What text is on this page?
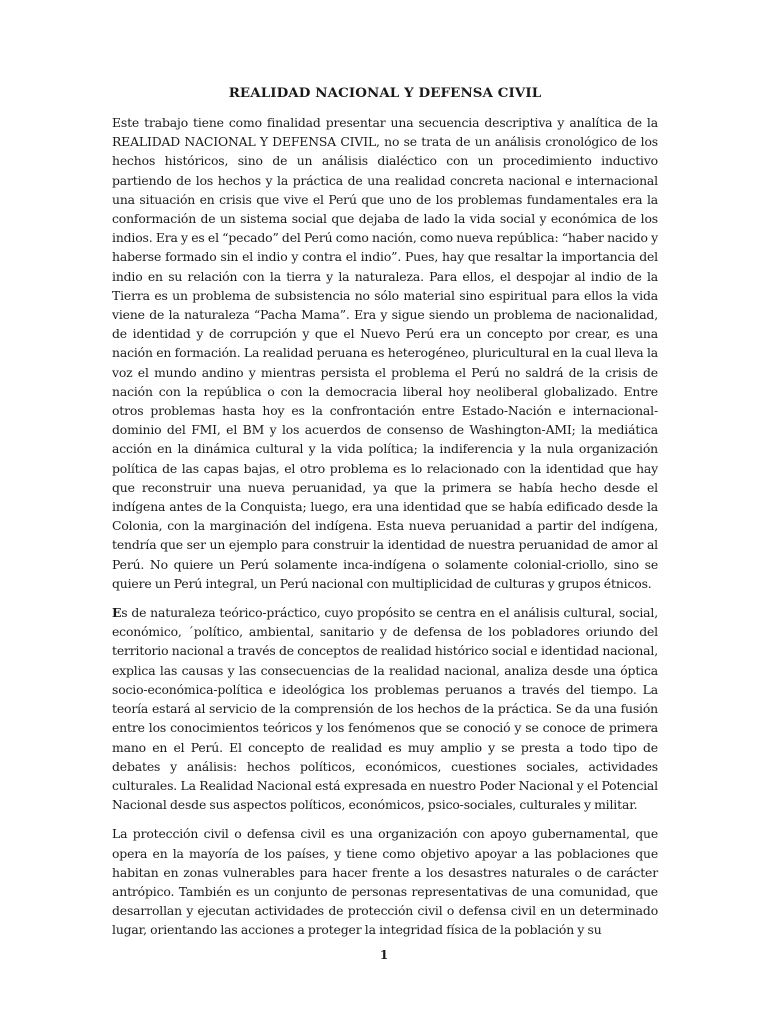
REALIDAD NACIONAL Y DEFENSA CIVIL

Este trabajo tiene como finalidad presentar una secuencia descriptiva y analítica de la REALIDAD NACIONAL Y DEFENSA CIVIL, no se trata de un análisis cronológico de los hechos históricos, sino de un análisis dialéctico con un procedimiento inductivo partiendo de los hechos y la práctica de una realidad concreta nacional e internacional una situación en crisis que vive el Perú que uno de los problemas fundamentales era la conformación de un sistema social que dejaba de lado la vida social y económica de los indios. Era y es el “pecado” del Perú como nación, como nueva república: “haber nacido y haberse formado sin el indio y contra el indio”. Pues, hay que resaltar la importancia del indio en su relación con la tierra y la naturaleza. Para ellos, el despojar al indio de la Tierra es un problema de subsistencia no sólo material sino espiritual para ellos la vida viene de la naturaleza “Pacha Mama”. Era y sigue siendo un problema de nacionalidad, de identidad y de corrupción y que el Nuevo Perú era un concepto por crear, es una nación en formación. La realidad peruana es heterogéneo, pluricultural en la cual lleva la voz el mundo andino y mientras persista el problema el Perú no saldrá de la crisis de nación con la república o con la democracia liberal hoy neoliberal globalizado. Entre otros problemas hasta hoy es la confrontación entre Estado-Nación e internacional-dominio del FMI, el BM y los acuerdos de consenso de Washington-AMI; la mediática acción en la dinámica cultural y la vida política; la indiferencia y la nula organización política de las capas bajas, el otro problema es lo relacionado con la identidad que hay que reconstruir una nueva peruanidad, ya que la primera se había hecho desde el indígena antes de la Conquista; luego, era una identidad que se había edificado desde la Colonia, con la marginación del indígena. Esta nueva peruanidad a partir del indígena, tendría que ser un ejemplo para construir la identidad de nuestra peruanidad de amor al Perú. No quiere un Perú solamente inca-indígena o solamente colonial-criollo, sino se quiere un Perú integral, un Perú nacional con multiplicidad de culturas y grupos étnicos.

Es de naturaleza teórico-práctico, cuyo propósito se centra en el análisis cultural, social, económico, ´político, ambiental, sanitario y de defensa de los pobladores oriundo del territorio nacional a través de conceptos de realidad histórico social e identidad nacional, explica las causas y las consecuencias de la realidad nacional, analiza desde una óptica socio-económica-política e ideológica los problemas peruanos a través del tiempo. La teoría estará al servicio de la comprensión de los hechos de la práctica. Se da una fusión entre los conocimientos teóricos y los fenómenos que se conoció y se conoce de primera mano en el Perú. El concepto de realidad es muy amplio y se presta a todo tipo de debates y análisis: hechos políticos, económicos, cuestiones sociales, actividades culturales. La Realidad Nacional está expresada en nuestro Poder Nacional y el Potencial Nacional desde sus aspectos políticos, económicos, psico-sociales, culturales y militar.

La protección civil o defensa civil es una organización con apoyo gubernamental, que opera en la mayoría de los países, y tiene como objetivo apoyar a las poblaciones que habitan en zonas vulnerables para hacer frente a los desastres naturales o de carácter antrópico. También es un conjunto de personas representativas de una comunidad, que desarrollan y ejecutan actividades de protección civil o defensa civil en un determinado lugar, orientando las acciones a proteger la integridad física de la población y su

1
